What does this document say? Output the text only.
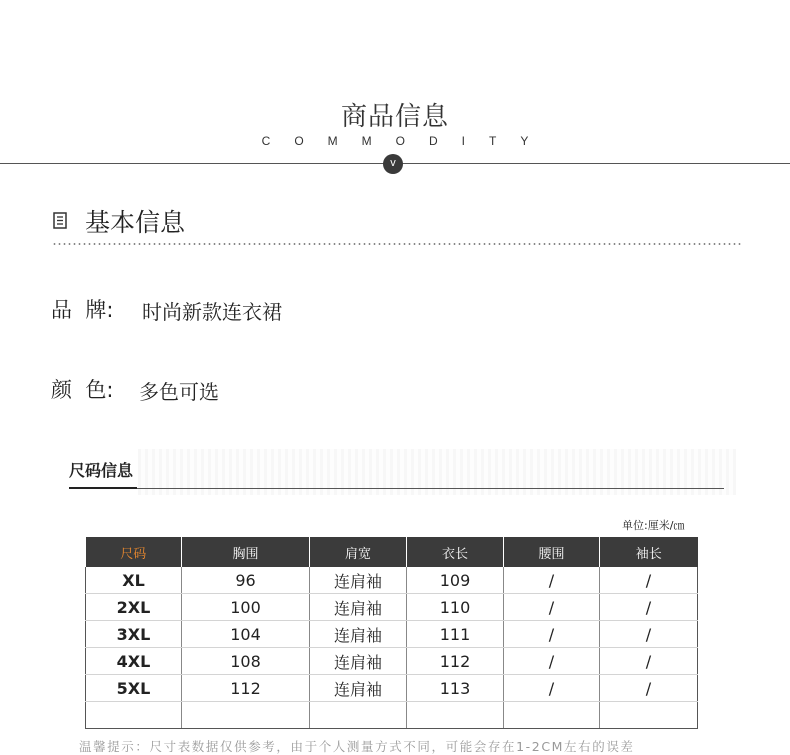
商品信息
COMMODITY
v
基本信息
品  牌: 时尚新款连衣裙
颜  色: 多色可选
尺码信息
单位:厘米/㎝
尺码	胸围	肩宽	衣长	腰围	袖长
XL	96	连肩袖	109	/	/
2XL	100	连肩袖	110	/	/
3XL	104	连肩袖	111	/	/
4XL	108	连肩袖	112	/	/
5XL	112	连肩袖	113	/	/

温馨提示：尺寸表数据仅供参考，由于个人测量方式不同，可能会存在1-2CM左右的误差
